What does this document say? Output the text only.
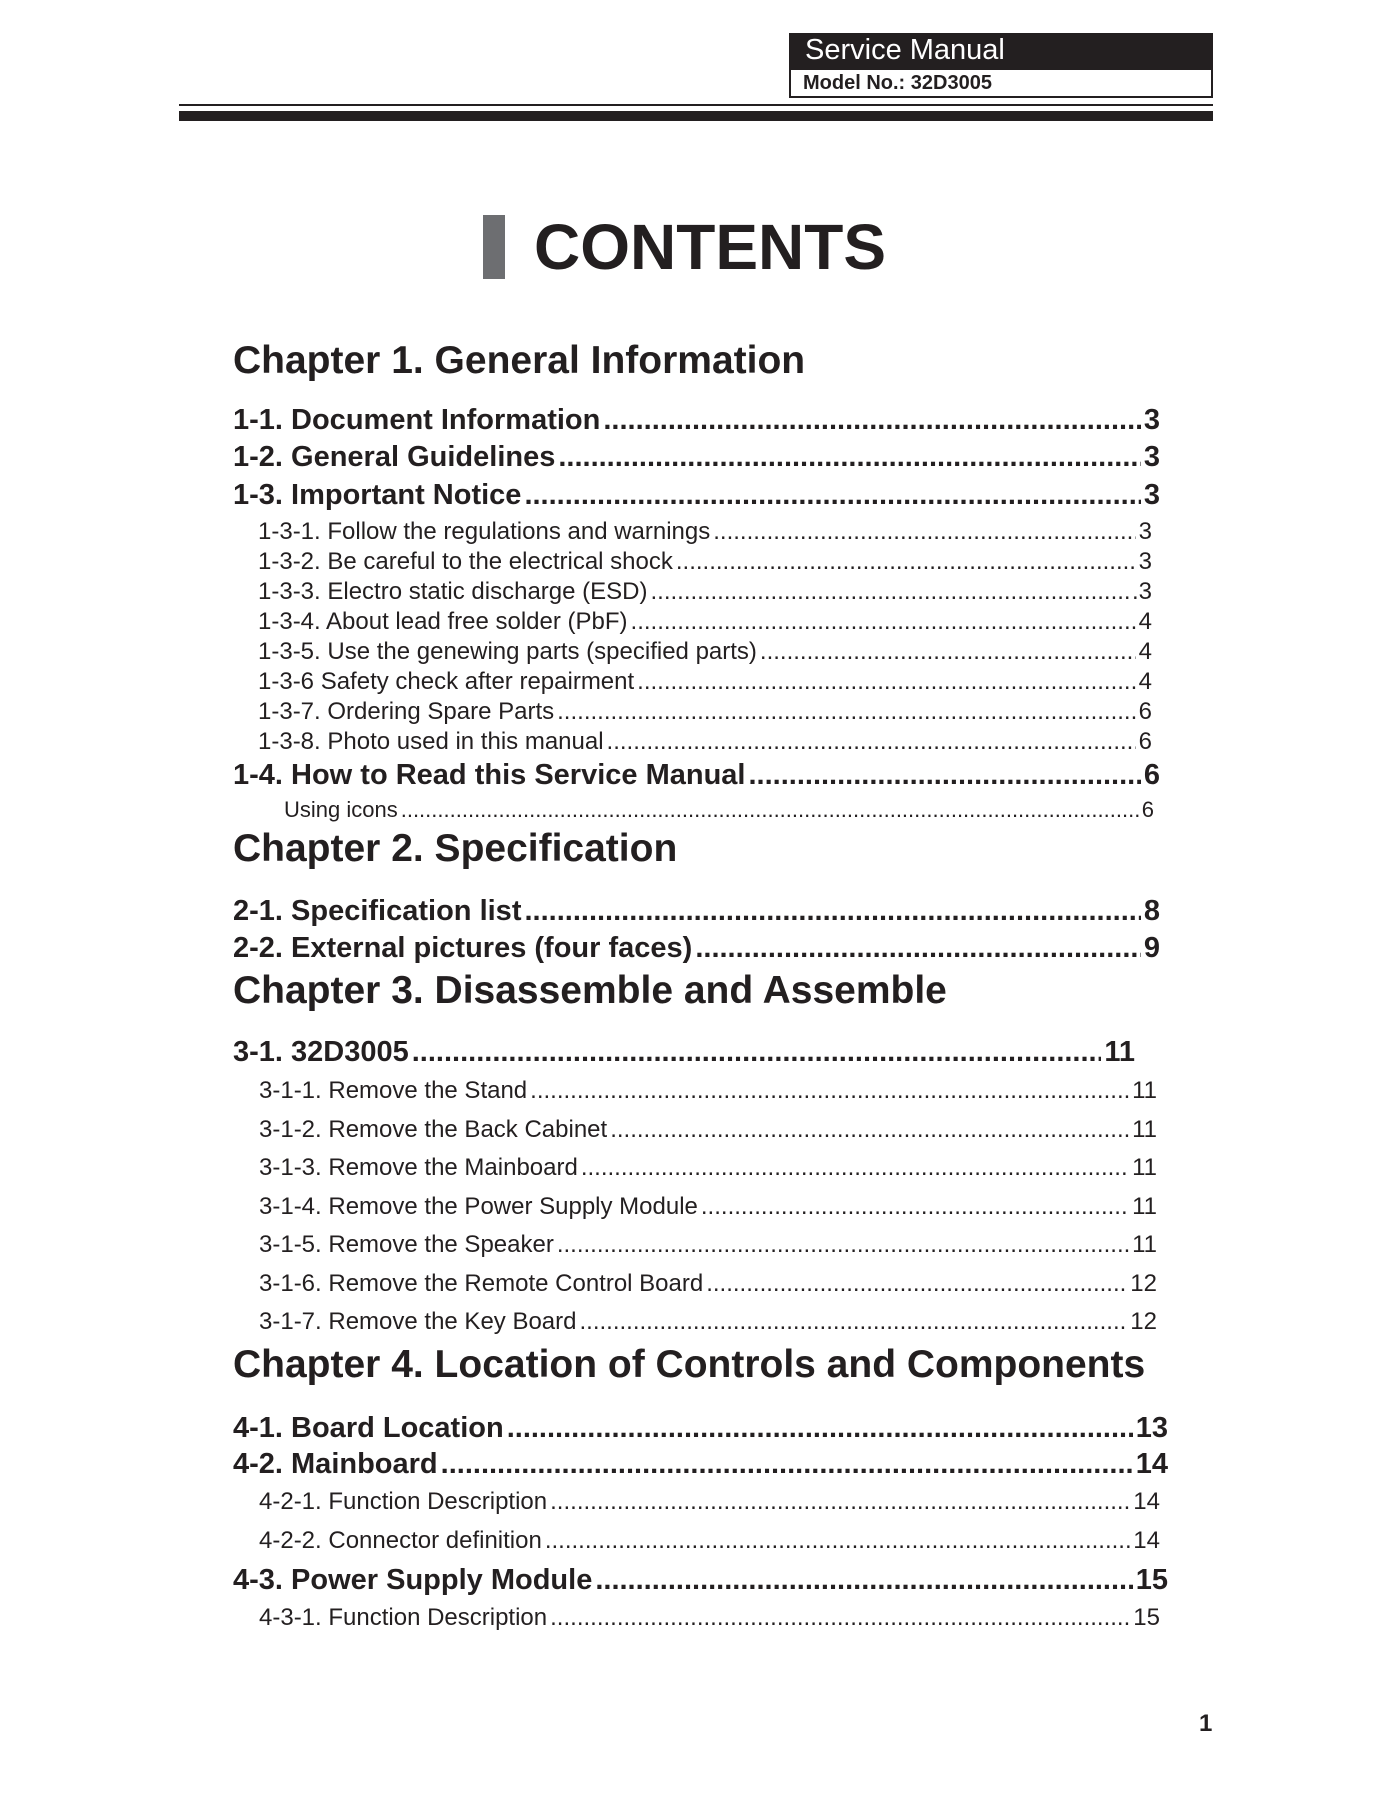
Service Manual
Model No.: 32D3005
CONTENTS
Chapter 1. General Information
1-1. Document Information .....	3
1-2. General Guidelines .....	3
1-3. Important Notice .....	3
1-3-1. Follow the regulations and warnings .....	3
1-3-2. Be careful to the electrical shock .....	3
1-3-3. Electro static discharge (ESD) .....	.3
1-3-4. About lead free solder (PbF) .....	4
1-3-5. Use the genewing parts (specified parts) .....	4
1-3-6 Safety check after repairment .....	4
1-3-7. Ordering Spare Parts .....	6
1-3-8. Photo used in this manual .....	6
1-4. How to Read this Service Manual .....	6
Using icons .....	6
Chapter 2. Specification
2-1. Specification list .....	8
2-2. External pictures (four faces) .....	9
Chapter 3. Disassemble and Assemble
3-1. 32D3005 .....	11
3-1-1. Remove the Stand .....	11
3-1-2. Remove the Back Cabinet .....	11
3-1-3. Remove the Mainboard .....	11
3-1-4. Remove the Power Supply Module .....	11
3-1-5. Remove the Speaker .....	11
3-1-6. Remove the Remote Control Board .....	12
3-1-7. Remove the Key Board .....	12
Chapter 4. Location of Controls and Components
4-1. Board Location .....	13
4-2. Mainboard .....	14
4-2-1. Function Description .....	14
4-2-2. Connector definition .....	14
4-3. Power Supply Module .....	15
4-3-1. Function Description .....	15
1
